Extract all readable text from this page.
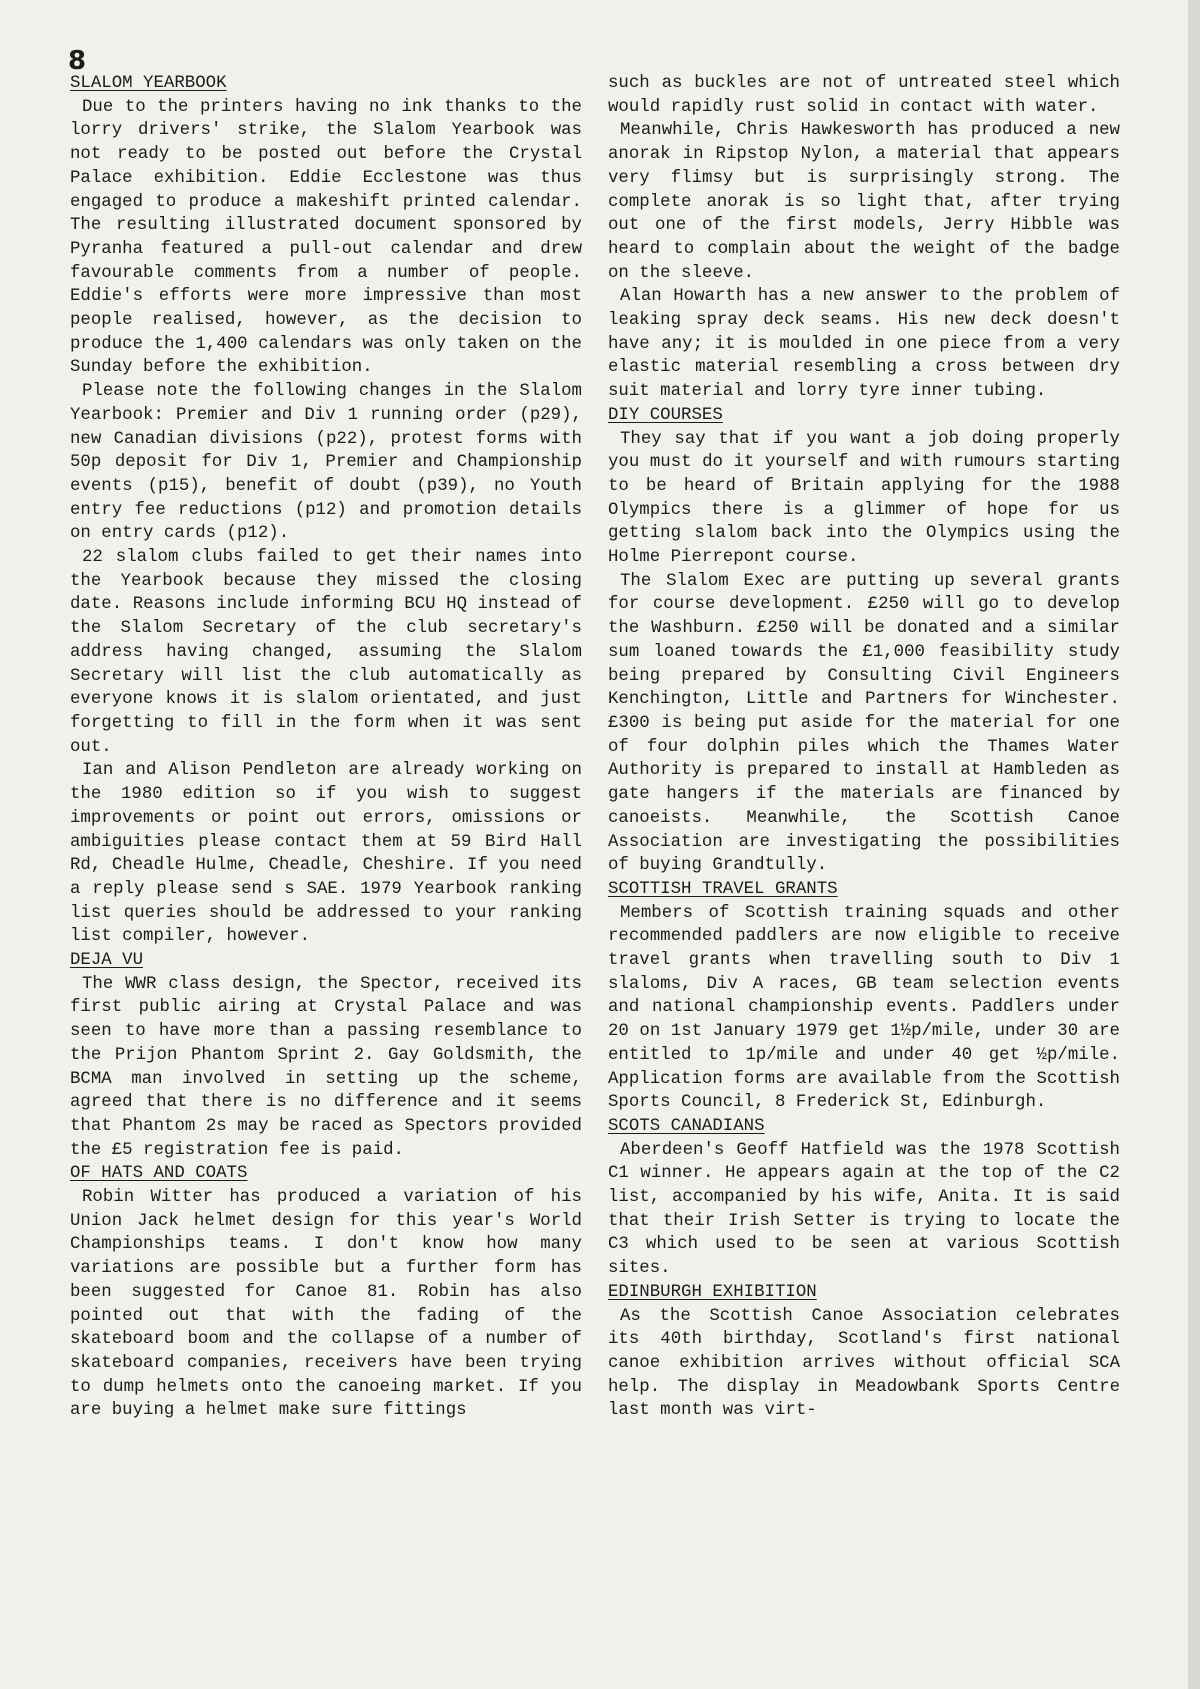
8
SLALOM YEARBOOK

Due to the printers having no ink thanks to the lorry drivers' strike, the Slalom Yearbook was not ready to be posted out before the Crystal Palace exhibition. Eddie Ecclestone was thus engaged to produce a makeshift printed calendar. The resulting illustrated document sponsored by Pyranha featured a pull-out calendar and drew favourable comments from a number of people. Eddie's efforts were more impressive than most people realised, however, as the decision to produce the 1,400 calendars was only taken on the Sunday before the exhibition.

Please note the following changes in the Slalom Yearbook: Premier and Div 1 running order (p29), new Canadian divisions (p22), protest forms with 50p deposit for Div 1, Premier and Championship events (p15), benefit of doubt (p39), no Youth entry fee reductions (p12) and promotion details on entry cards (p12).

22 slalom clubs failed to get their names into the Yearbook because they missed the closing date. Reasons include informing BCU HQ instead of the Slalom Secretary of the club secretary's address having changed, assuming the Slalom Secretary will list the club automatically as everyone knows it is slalom orientated, and just forgetting to fill in the form when it was sent out.

Ian and Alison Pendleton are already working on the 1980 edition so if you wish to suggest improvements or point out errors, omissions or ambiguities please contact them at 59 Bird Hall Rd, Cheadle Hulme, Cheadle, Cheshire. If you need a reply please send s SAE. 1979 Yearbook ranking list queries should be addressed to your ranking list compiler, however.

DEJA VU

The WWR class design, the Spector, received its first public airing at Crystal Palace and was seen to have more than a passing resemblance to the Prijon Phantom Sprint 2. Gay Goldsmith, the BCMA man involved in setting up the scheme, agreed that there is no difference and it seems that Phantom 2s may be raced as Spectors provided the £5 registration fee is paid.

OF HATS AND COATS

Robin Witter has produced a variation of his Union Jack helmet design for this year's World Championships teams. I don't know how many variations are possible but a further form has been suggested for Canoe 81. Robin has also pointed out that with the fading of the skateboard boom and the collapse of a number of skateboard companies, receivers have been trying to dump helmets onto the canoeing market. If you are buying a helmet make sure fittings

such as buckles are not of untreated steel which would rapidly rust solid in contact with water.

Meanwhile, Chris Hawkesworth has produced a new anorak in Ripstop Nylon, a material that appears very flimsy but is surprisingly strong. The complete anorak is so light that, after trying out one of the first models, Jerry Hibble was heard to complain about the weight of the badge on the sleeve.

Alan Howarth has a new answer to the problem of leaking spray deck seams. His new deck doesn't have any; it is moulded in one piece from a very elastic material resembling a cross between dry suit material and lorry tyre inner tubing.

DIY COURSES

They say that if you want a job doing properly you must do it yourself and with rumours starting to be heard of Britain applying for the 1988 Olympics there is a glimmer of hope for us getting slalom back into the Olympics using the Holme Pierrepont course.

The Slalom Exec are putting up several grants for course development. £250 will go to develop the Washburn. £250 will be donated and a similar sum loaned towards the £1,000 feasibility study being prepared by Consulting Civil Engineers Kenchington, Little and Partners for Winchester. £300 is being put aside for the material for one of four dolphin piles which the Thames Water Authority is prepared to install at Hambleden as gate hangers if the materials are financed by canoeists. Meanwhile, the Scottish Canoe Association are investigating the possibilities of buying Grandtully.

SCOTTISH TRAVEL GRANTS

Members of Scottish training squads and other recommended paddlers are now eligible to receive travel grants when travelling south to Div 1 slaloms, Div A races, GB team selection events and national championship events. Paddlers under 20 on 1st January 1979 get 1½p/mile, under 30 are entitled to 1p/mile and under 40 get ½p/mile. Application forms are available from the Scottish Sports Council, 8 Frederick St, Edinburgh.

SCOTS CANADIANS

Aberdeen's Geoff Hatfield was the 1978 Scottish C1 winner. He appears again at the top of the C2 list, accompanied by his wife, Anita. It is said that their Irish Setter is trying to locate the C3 which used to be seen at various Scottish sites.

EDINBURGH EXHIBITION

As the Scottish Canoe Association celebrates its 40th birthday, Scotland's first national canoe exhibition arrives without official SCA help. The display in Meadowbank Sports Centre last month was virt-
